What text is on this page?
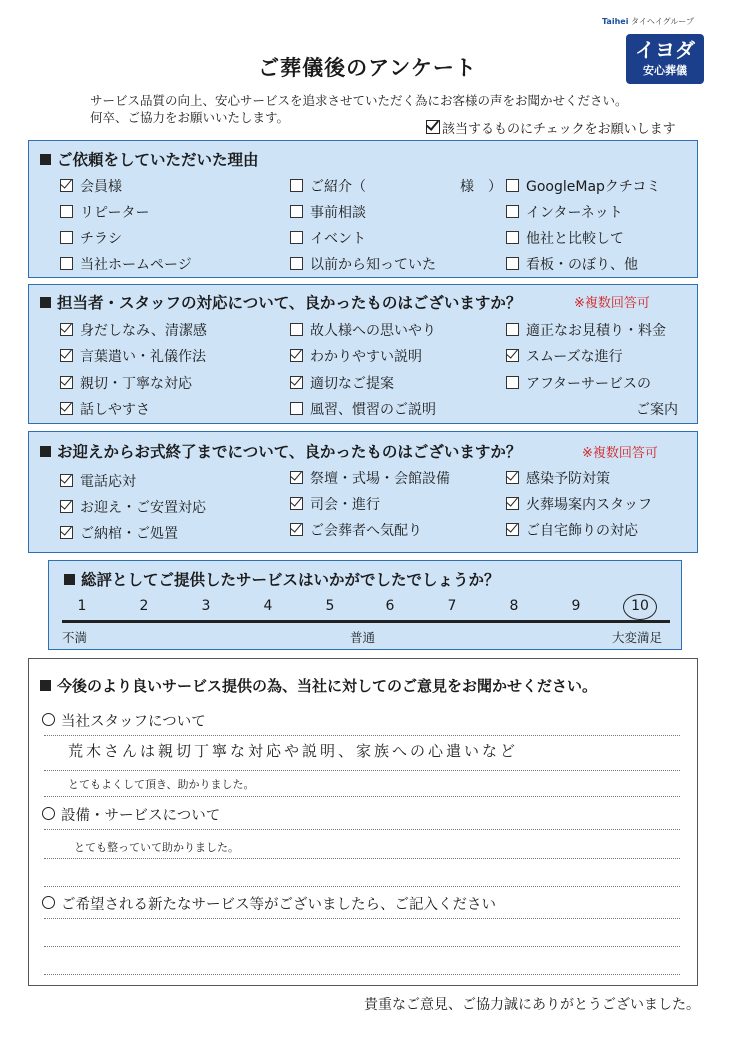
ご葬儀後のアンケート
Taihei タイヘイグループ
イヨダ
安心葬儀
サービス品質の向上、安心サービスを追求させていただく為にお客様の声をお聞かせください。
何卒、ご協力をお願いいたします。
該当するものにチェックをお願いします
ご依頼をしていただいた理由
会員様	ご紹介（	様　）	GoogleMapクチコミ
リピーター	事前相談	インターネット
チラシ	イベント	他社と比較して
当社ホームページ	以前から知っていた	看板・のぼり、他
担当者・スタッフの対応について、良かったものはございますか？	※複数回答可
身だしなみ、清潔感	故人様への思いやり	適正なお見積り・料金
言葉遣い・礼儀作法	わかりやすい説明	スムーズな進行
親切・丁寧な対応	適切なご提案	アフターサービスの
話しやすさ	風習、慣習のご説明	ご案内
お迎えからお式終了までについて、良かったものはございますか？	※複数回答可
電話応対	祭壇・式場・会館設備	感染予防対策
お迎え・ご安置対応	司会・進行	火葬場案内スタッフ
ご納棺・ご処置	ご会葬者へ気配り	ご自宅飾りの対応
総評としてご提供したサービスはいかがでしたでしょうか？
1	2	3	4	5	6	7	8	9	10
不満	普通	大変満足
今後のより良いサービス提供の為、当社に対してのご意見をお聞かせください。
当社スタッフについて
荒木さんは親切丁寧な対応や説明、家族への心遣いなど
とてもよくして頂き、助かりました。
設備・サービスについて
とても整っていて助かりました。
ご希望される新たなサービス等がございましたら、ご記入ください
貴重なご意見、ご協力誠にありがとうございました。
